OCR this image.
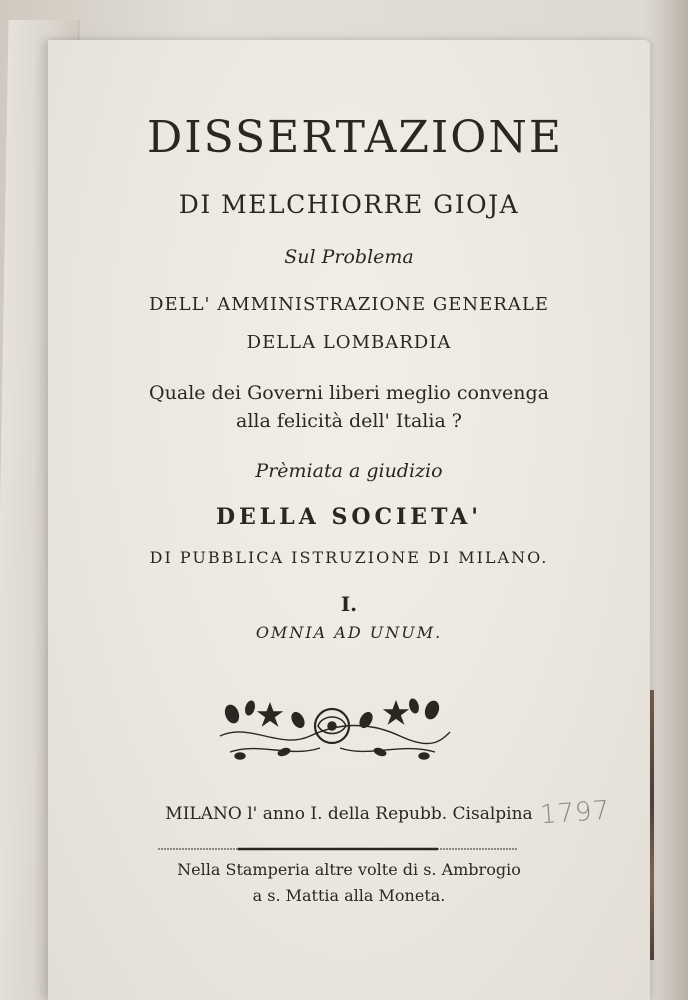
DISSERTAZIONE
DI MELCHIORRE GIOJA
Sul Problema
DELL' AMMINISTRAZIONE GENERALE
DELLA LOMBARDIA
Quale dei Governi liberi meglio convenga
alla felicità dell' Italia ?
Prèmiata a giudizio
DELLA SOCIETA'
DI PUBBLICA ISTRUZIONE DI MILANO.
I.
OMNIA AD UNUM.
MILANO l' anno I. della Repubb. Cisalpina
Nella Stamperia altre volte di s. Ambrogio
a s. Mattia alla Moneta.
1797
